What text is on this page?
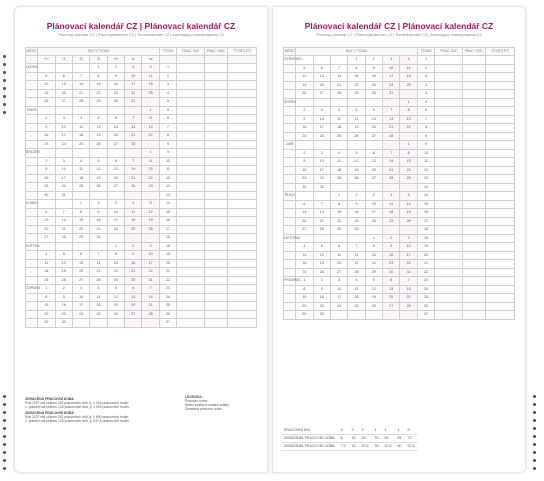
Plánovací kalendář CZ | Plánovací kalendář CZ
Planning calendar CZ | Planungskalender CZ | Terminkalender CZ | Календарь планирования CZ
MĚSÍC	DNY V TÝDNU							TÝDEN	PRAC. DNÍ	PRAC. HOD.	ČTVRTLETÍ
	Po	Út	St	Čt	Pá	So	Ne				
LEDEN				1	2	3	4	1			
	5	6	7	8	9	10	11	2			
	12	13	14	15	16	17	18	3			
	19	20	21	22	23	24	25	4			
	26	27	28	29	30	31		5			
ÚNOR							1	5			
	2	3	4	5	6	7	8	6			
	9	10	11	12	13	14	15	7			
	16	17	18	19	20	21	22	8			
	23	24	25	26	27	28		9			
BŘEZEN							1	9			
	2	3	4	5	6	7	8	10			
	9	10	11	12	13	14	15	11			
	16	17	18	19	20	21	22	12			
	23	24	25	26	27	28	29	13			
	30	31						14			
DUBEN			1	2	3	4	5	14			
	6	7	8	9	10	11	12	15			
	13	14	15	16	17	18	19	16			
	20	21	22	23	24	25	26	17			
	27	28	29	30				18			
KVĚTEN					1	2	3	18			
	4	5	6	7	8	9	10	19			
	11	12	13	14	15	16	17	20			
	18	19	20	21	22	23	24	21			
	25	26	27	28	29	30	31	22			
ČERVEN	1	2	3	4	5	6	7	23			
	8	9	10	11	12	13	14	24			
	15	16	17	18	19	20	21	25			
	22	23	24	25	26	27	28	26			
	29	30						27			
ZKRÁCENÁ PRACOVNÍ DOBA
Rok 2027 má celkem 252 pracovních dnů, tj. 2 016 pracovních hodin.
1. pololetí má celkem 125 pracovních dnů, tj. 1 000 pracovních hodin.
ZKRÁCENÁ PRACOVNÍ DOBA
Rok 2027 má celkem 252 pracovních dnů, tj. 1 890 pracovních hodin.
1. pololetí má celkem 125 pracovních dnů, tj. 937,5 pracovních hodin.
LEGENDA:
Pracovní volno
Státní svátky a ostatní svátky
Zkrácená pracovní doba
Plánovací kalendář CZ | Plánovací kalendář CZ
Planning calendar CZ | Planungskalender CZ | Terminkalender CZ | Календарь планирования CZ
MĚSÍC	DNY V TÝDNU							TÝDEN	PRAC. DNÍ	PRAC. HOD.	ČTVRTLETÍ
ČERVENEC				1	2	3	4	1			
	5	6	7	8	9	10	11	2			
	12	13	14	15	16	17	18	3			
	19	20	21	22	23	24	25	4			
	26	27	28	29	30	31		5			
SRPEN							1	5			
	2	3	4	5	6	7	8	6			
	9	10	11	12	13	14	15	7			
	16	17	18	19	20	21	22	8			
	23	24	25	26	27	28		9			
ZÁŘÍ							1	9			
	2	3	4	5	6	7	8	10			
	9	10	11	12	13	14	15	11			
	16	17	18	19	20	21	22	12			
	23	24	25	26	27	28	29	13			
	30	31						14			
ŘÍJEN			1	2	3	4	5	14			
	6	7	8	9	10	11	12	15			
	13	14	15	16	17	18	19	16			
	20	21	22	23	24	25	26	17			
	27	28	29	30				18			
LISTOPAD					1	2	3	18			
	4	5	6	7	8	9	10	19			
	11	12	13	14	15	16	17	20			
	18	19	20	21	22	23	24	21			
	25	26	27	28	29	30	31	22			
PROSINEC	1	2	3	4	5	6	7	23			
	8	9	10	11	12	13	14	24			
	15	16	17	18	19	20	21	25			
	22	23	24	25	26	27	28	26			
	29	30						27			
PRACOVNÍ DNÍ	3	3	3	4	4	4	5
ZKRÁCENÁ PRACOVNÍ DOBA	8	16	24	32	40	64	72
ZKRÁCENÁ PRACOVNÍ DOBA	7,5	15	22,5	30	37,5	60	67,5
